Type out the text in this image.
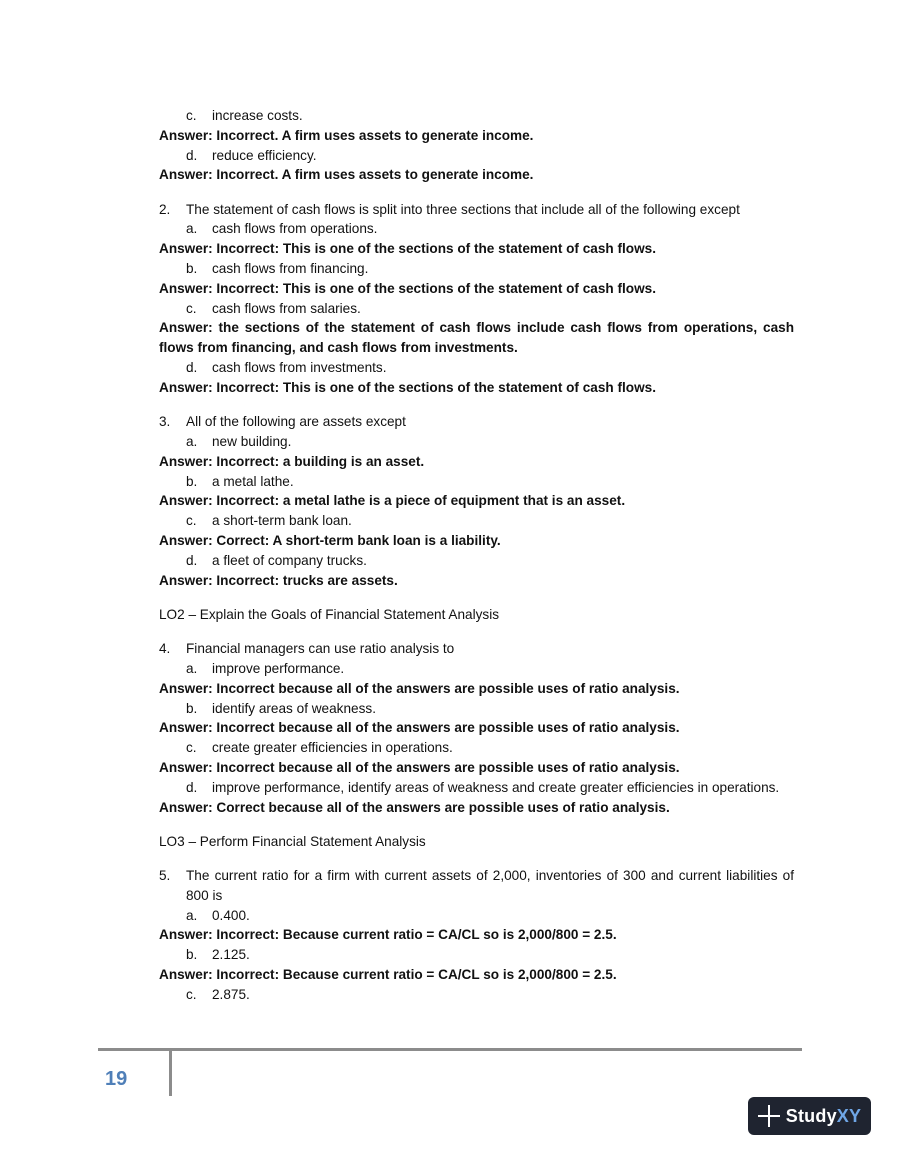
c. increase costs.
Answer: Incorrect. A firm uses assets to generate income.
d. reduce efficiency.
Answer: Incorrect. A firm uses assets to generate income.
2. The statement of cash flows is split into three sections that include all of the following except
a. cash flows from operations.
Answer: Incorrect: This is one of the sections of the statement of cash flows.
b. cash flows from financing.
Answer: Incorrect: This is one of the sections of the statement of cash flows.
c. cash flows from salaries.
Answer: the sections of the statement of cash flows include cash flows from operations, cash flows from financing, and cash flows from investments.
d. cash flows from investments.
Answer: Incorrect: This is one of the sections of the statement of cash flows.
3. All of the following are assets except
a. new building.
Answer: Incorrect: a building is an asset.
b. a metal lathe.
Answer: Incorrect: a metal lathe is a piece of equipment that is an asset.
c. a short-term bank loan.
Answer: Correct: A short-term bank loan is a liability.
d. a fleet of company trucks.
Answer: Incorrect: trucks are assets.
LO2 – Explain the Goals of Financial Statement Analysis
4. Financial managers can use ratio analysis to
a. improve performance.
Answer: Incorrect because all of the answers are possible uses of ratio analysis.
b. identify areas of weakness.
Answer: Incorrect because all of the answers are possible uses of ratio analysis.
c. create greater efficiencies in operations.
Answer: Incorrect because all of the answers are possible uses of ratio analysis.
d. improve performance, identify areas of weakness and create greater efficiencies in operations.
Answer: Correct because all of the answers are possible uses of ratio analysis.
LO3 – Perform Financial Statement Analysis
5. The current ratio for a firm with current assets of 2,000, inventories of 300 and current liabilities of 800 is
a. 0.400.
Answer: Incorrect: Because current ratio = CA/CL so is 2,000/800 = 2.5.
b. 2.125.
Answer: Incorrect: Because current ratio = CA/CL so is 2,000/800 = 2.5.
c. 2.875.
19
StudyXY
